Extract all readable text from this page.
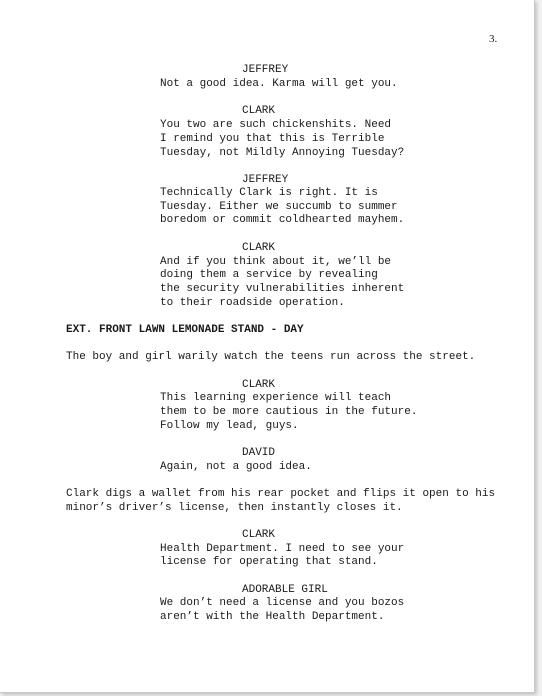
3.
JEFFREY
Not a good idea. Karma will get you.
CLARK
You two are such chickenshits. Need
I remind you that this is Terrible
Tuesday, not Mildly Annoying Tuesday?
JEFFREY
Technically Clark is right. It is
Tuesday. Either we succumb to summer
boredom or commit coldhearted mayhem.
CLARK
And if you think about it, we’ll be
doing them a service by revealing
the security vulnerabilities inherent
to their roadside operation.
EXT. FRONT LAWN LEMONADE STAND - DAY
The boy and girl warily watch the teens run across the street.
CLARK
This learning experience will teach
them to be more cautious in the future.
Follow my lead, guys.
DAVID
Again, not a good idea.
Clark digs a wallet from his rear pocket and flips it open to his
minor’s driver’s license, then instantly closes it.
CLARK
Health Department. I need to see your
license for operating that stand.
ADORABLE GIRL
We don’t need a license and you bozos
aren’t with the Health Department.
